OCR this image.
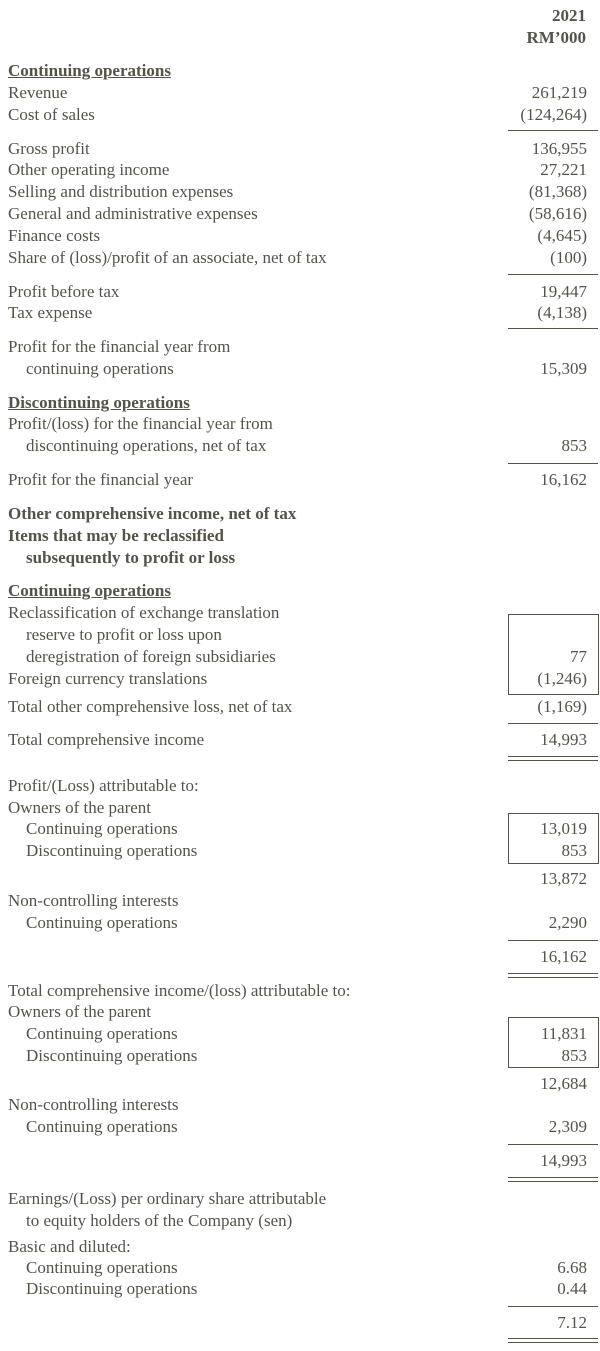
2021
RM’000
Continuing operations
Revenue	261,219
Cost of sales	(124,264)
Gross profit	136,955
Other operating income	27,221
Selling and distribution expenses	(81,368)
General and administrative expenses	(58,616)
Finance costs	(4,645)
Share of (loss)/profit of an associate, net of tax	(100)
Profit before tax	19,447
Tax expense	(4,138)
Profit for the financial year from
continuing operations	15,309
Discontinuing operations
Profit/(loss) for the financial year from
discontinuing operations, net of tax	853
Profit for the financial year	16,162
Other comprehensive income, net of tax
Items that may be reclassified
subsequently to profit or loss
Continuing operations
Reclassification of exchange translation
reserve to profit or loss upon
deregistration of foreign subsidiaries	77
Foreign currency translations	(1,246)
Total other comprehensive loss, net of tax	(1,169)
Total comprehensive income	14,993
Profit/(Loss) attributable to:
Owners of the parent
Continuing operations	13,019
Discontinuing operations	853
13,872
Non-controlling interests
Continuing operations	2,290
16,162
Total comprehensive income/(loss) attributable to:
Owners of the parent
Continuing operations	11,831
Discontinuing operations	853
12,684
Non-controlling interests
Continuing operations	2,309
14,993
Earnings/(Loss) per ordinary share attributable
to equity holders of the Company (sen)
Basic and diluted:
Continuing operations	6.68
Discontinuing operations	0.44
7.12
